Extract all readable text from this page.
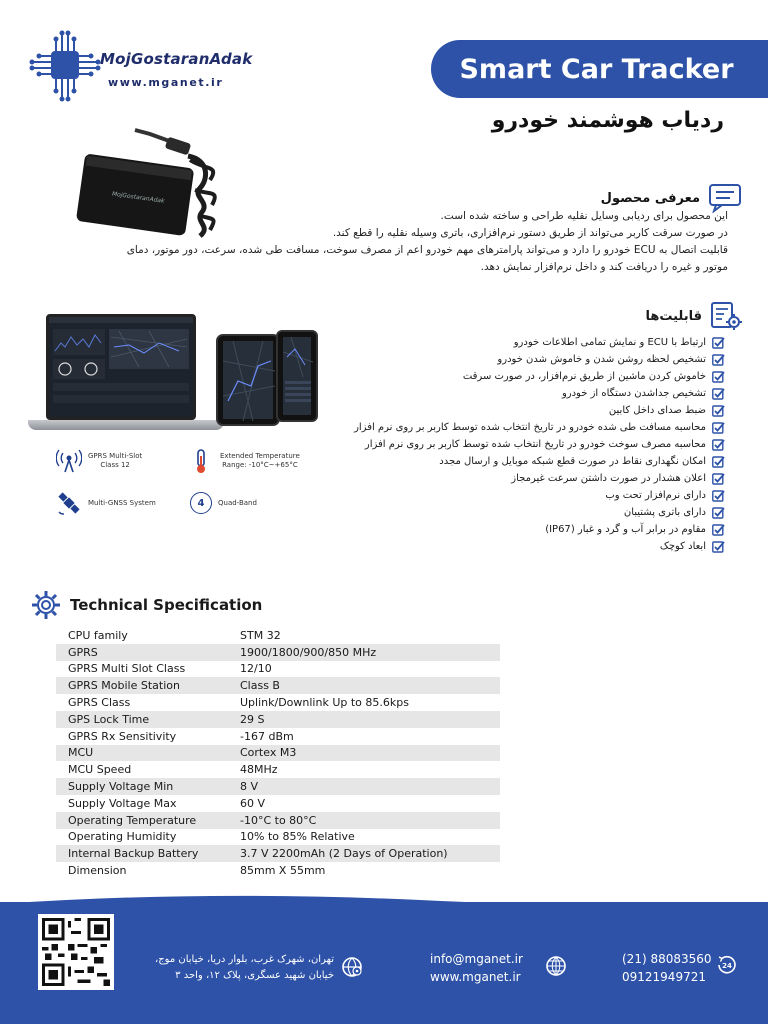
MojGostaranAdak
www.mganet.ir	Smart Car Tracker
ردیاب هوشمند خودرو
MojGostaranAdak	معرفی محصول
این محصول برای ردیابی وسایل نقلیه طراحی و ساخته شده است.
در صورت سرقت کاربر می‌تواند از طریق دستور نرم‌افزاری، باتری وسیله نقلیه را قطع کند.
قابلیت اتصال به ECU خودرو را دارد و می‌تواند پارامترهای مهم خودرو اعم از مصرف سوخت، مسافت طی شده، سرعت، دور موتور، دمای
موتور و غیره را دریافت کند و داخل نرم‌افزار نمایش دهد.
GPRS Multi-Slot
Class 12
Extended Temperature
Range: -10°C~+65°C
Multi-GNSS System	4	Quad-Band
قابلیت‌ها
ارتباط با ECU و نمایش تمامی اطلاعات خودرو
تشخیص لحظه روشن شدن و خاموش شدن خودرو
خاموش کردن ماشین از طریق نرم‌افزار، در صورت سرقت
تشخیص جداشدن دستگاه از خودرو
ضبط صدای داخل کابین
محاسبه مسافت طی شده خودرو در تاریخ انتخاب شده توسط کاربر بر روی نرم افزار
محاسبه مصرف سوخت خودرو در تاریخ انتخاب شده توسط کاربر بر روی نرم افزار
امکان نگهداری نقاط در صورت قطع شبکه موبایل و ارسال مجدد
اعلان هشدار در صورت داشتن سرعت غیرمجاز
دارای نرم‌افزار تحت وب
دارای باتری پشتیبان
مقاوم در برابر آب و گرد و غبار (IP67)
ابعاد کوچک
Technical Specification
CPU family	STM 32
GPRS	1900/1800/900/850 MHz
GPRS Multi Slot Class	12/10
GPRS Mobile Station	Class B
GPRS Class	Uplink/Downlink Up to 85.6kps
GPS Lock Time	29 S
GPRS Rx Sensitivity	-167 dBm
MCU	Cortex M3
MCU Speed	48MHz
Supply Voltage Min	8 V
Supply Voltage Max	60 V
Operating Temperature	-10°C to 80°C
Operating Humidity	10% to 85% Relative
Internal Backup Battery	3.7 V 2200mAh (2 Days of Operation)
Dimension	85mm X 55mm
تهران، شهرک غرب، بلوار دریا، خیابان موج،
خیابان شهید عسگری، پلاک ۱۲، واحد ۳
info@mganet.ir
www.mganet.ir
(21) 88083560
09121949721
24
